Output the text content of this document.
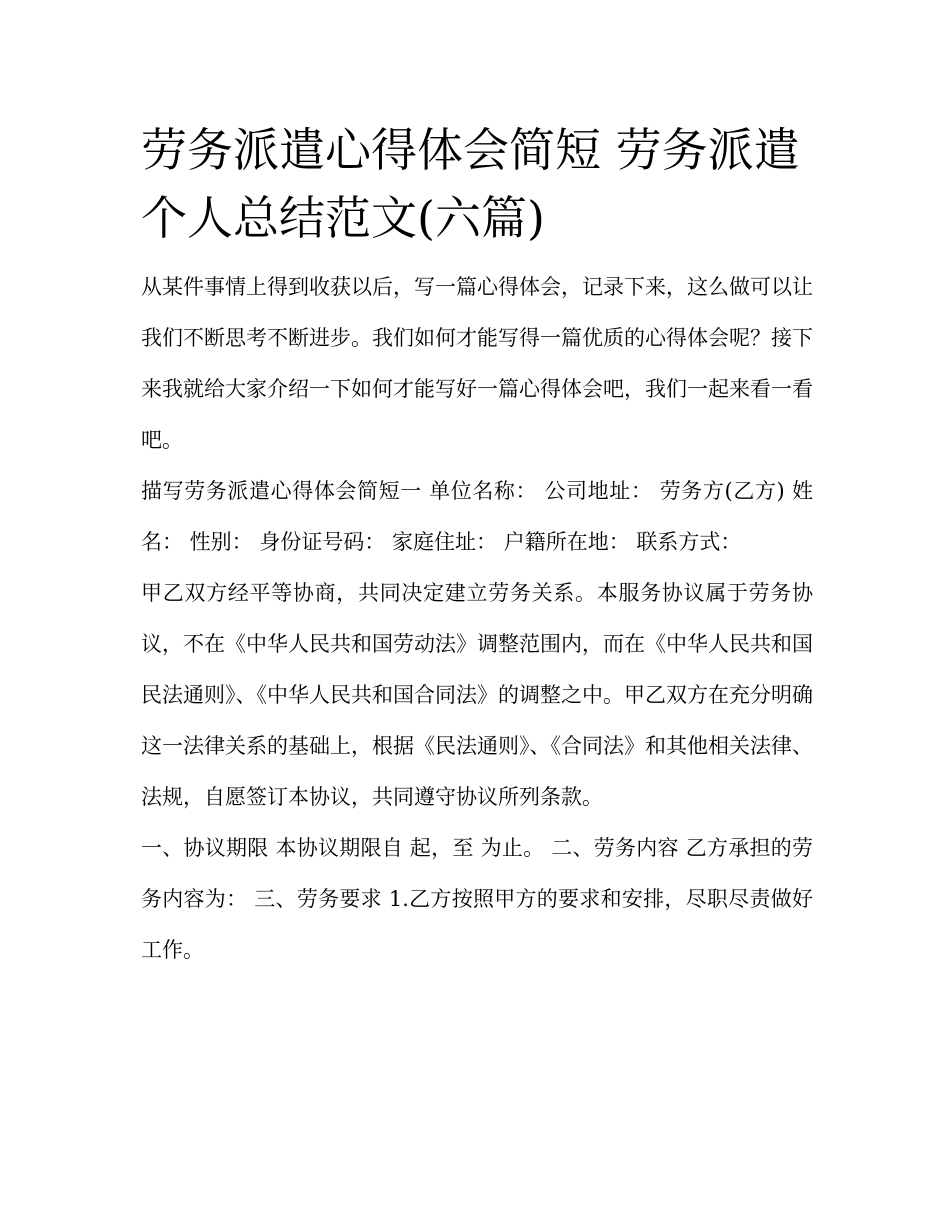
劳务派遣心得体会简短 劳务派遣个人总结范文(六篇)

从某件事情上得到收获以后，写一篇心得体会，记录下来，这么做可以让我们不断思考不断进步。我们如何才能写得一篇优质的心得体会呢？接下来我就给大家介绍一下如何才能写好一篇心得体会吧，我们一起来看一看吧。

描写劳务派遣心得体会简短一 单位名称： 公司地址： 劳务方(乙方) 姓 名： 性别： 身份证号码： 家庭住址： 户籍所在地： 联系方式：

甲乙双方经平等协商，共同决定建立劳务关系。本服务协议属于劳务协议，不在《中华人民共和国劳动法》调整范围内，而在《中华人民共和国民法通则》、《中华人民共和国合同法》的调整之中。甲乙双方在充分明确这一法律关系的基础上，根据《民法通则》、《合同法》和其他相关法律、法规，自愿签订本协议，共同遵守协议所列条款。

一、协议期限 本协议期限自 起，至 为止。 二、劳务内容 乙方承担的劳务内容为： 三、劳务要求 1.乙方按照甲方的要求和安排，尽职尽责做好工作。
